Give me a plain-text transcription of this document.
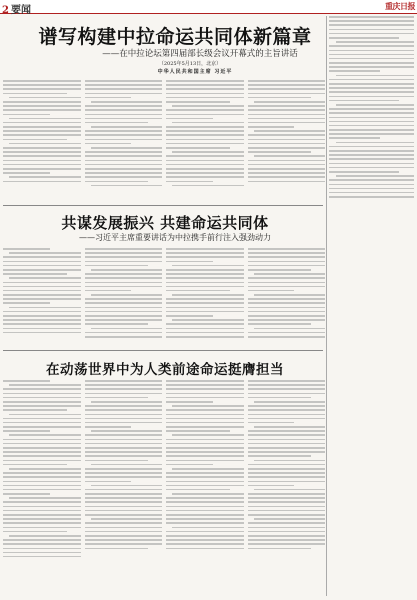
2 要闻	重庆日报
谱写构建中拉命运共同体新篇章
——在中拉论坛第四届部长级会议开幕式的主旨讲话
（2025年5月13日，北京）
中华人民共和国主席 习近平
共谋发展振兴 共建命运共同体
——习近平主席重要讲话为中拉携手前行注入强劲动力
在动荡世界中为人类前途命运挺膺担当
